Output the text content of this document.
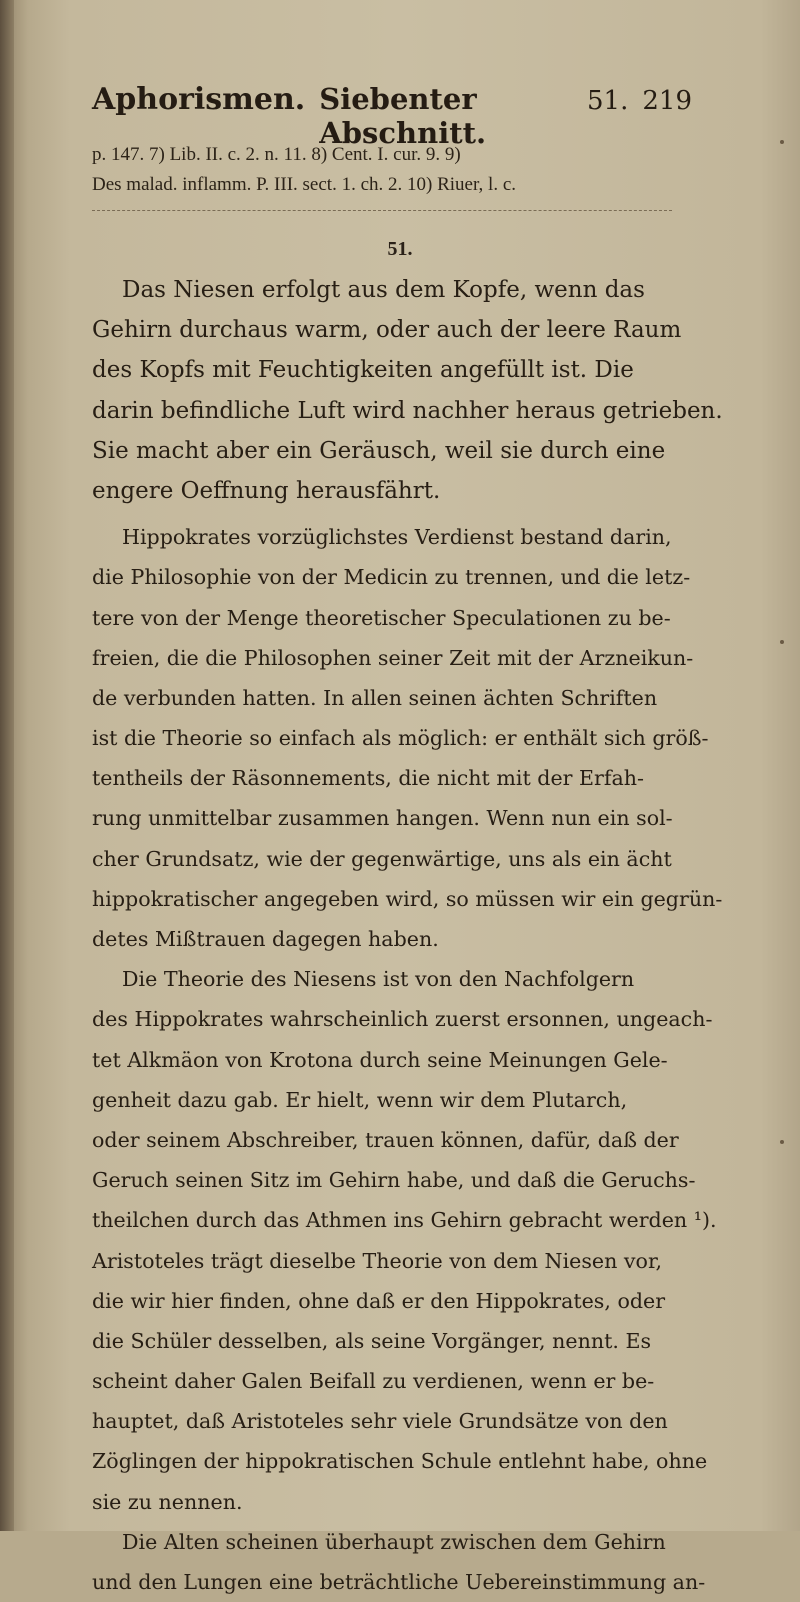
Aphorismen. Siebenter Abschnitt.
51. 219
p. 147. 7) Lib. II. c. 2. n. 11. 8) Cent. I. cur. 9. 9)
Des malad. inflamm. P. III. sect. 1. ch. 2. 10) Riuer, l. c.
51.
Das Niesen erfolgt aus dem Kopfe, wenn das
Gehirn durchaus warm, oder auch der leere Raum
des Kopfs mit Feuchtigkeiten angefüllt ist. Die
darin befindliche Luft wird nachher heraus getrieben.
Sie macht aber ein Geräusch, weil sie durch eine
engere Oeffnung herausfährt.
Hippokrates vorzüglichstes Verdienst bestand darin,
die Philosophie von der Medicin zu trennen, und die letz-
tere von der Menge theoretischer Speculationen zu be-
freien, die die Philosophen seiner Zeit mit der Arzneikun-
de verbunden hatten. In allen seinen ächten Schriften
ist die Theorie so einfach als möglich: er enthält sich größ-
tentheils der Räsonnements, die nicht mit der Erfah-
rung unmittelbar zusammen hangen. Wenn nun ein sol-
cher Grundsatz, wie der gegenwärtige, uns als ein ächt
hippokratischer angegeben wird, so müssen wir ein gegrün-
detes Mißtrauen dagegen haben.
Die Theorie des Niesens ist von den Nachfolgern
des Hippokrates wahrscheinlich zuerst ersonnen, ungeach-
tet Alkmäon von Krotona durch seine Meinungen Gele-
genheit dazu gab. Er hielt, wenn wir dem Plutarch,
oder seinem Abschreiber, trauen können, dafür, daß der
Geruch seinen Sitz im Gehirn habe, und daß die Geruchs-
theilchen durch das Athmen ins Gehirn gebracht werden ¹).
Aristoteles trägt dieselbe Theorie von dem Niesen vor,
die wir hier finden, ohne daß er den Hippokrates, oder
die Schüler desselben, als seine Vorgänger, nennt. Es
scheint daher Galen Beifall zu verdienen, wenn er be-
hauptet, daß Aristoteles sehr viele Grundsätze von den
Zöglingen der hippokratischen Schule entlehnt habe, ohne
sie zu nennen.
Die Alten scheinen überhaupt zwischen dem Gehirn
und den Lungen eine beträchtliche Uebereinstimmung an-
